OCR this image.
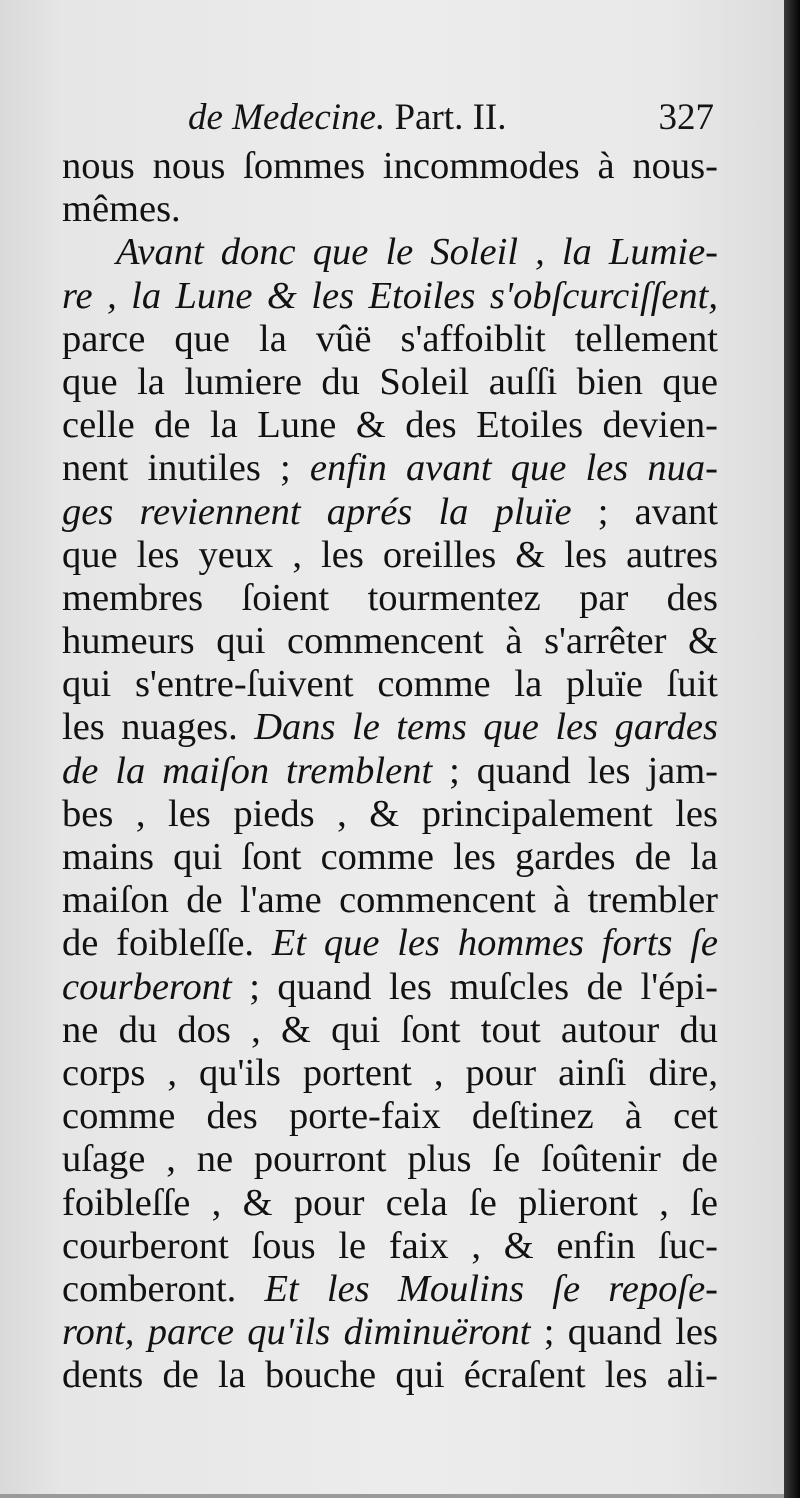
de Medecine. Part. II.	327
nous nous ſommes incommodes à nous-
mêmes.
Avant donc que le Soleil , la Lumie-
re , la Lune & les Etoiles s'obſcurciſſent,
parce que la vûë s'affoiblit tellement
que la lumiere du Soleil auſſi bien que
celle de la Lune & des Etoiles devien-
nent inutiles ; enfin avant que les nua-
ges reviennent aprés la pluïe ; avant
que les yeux , les oreilles & les autres
membres ſoient tourmentez par des
humeurs qui commencent à s'arrêter &
qui s'entre-ſuivent comme la pluïe ſuit
les nuages. Dans le tems que les gardes
de la maiſon tremblent ; quand les jam-
bes , les pieds , & principalement les
mains qui ſont comme les gardes de la
maiſon de l'ame commencent à trembler
de foibleſſe. Et que les hommes forts ſe
courberont ; quand les muſcles de l'épi-
ne du dos , & qui ſont tout autour du
corps , qu'ils portent , pour ainſi dire,
comme des porte-faix deſtinez à cet
uſage , ne pourront plus ſe ſoûtenir de
foibleſſe , & pour cela ſe plieront , ſe
courberont ſous le faix , & enfin ſuc-
comberont. Et les Moulins ſe repoſe-
ront, parce qu'ils diminuëront ; quand les
dents de la bouche qui écraſent les ali-
